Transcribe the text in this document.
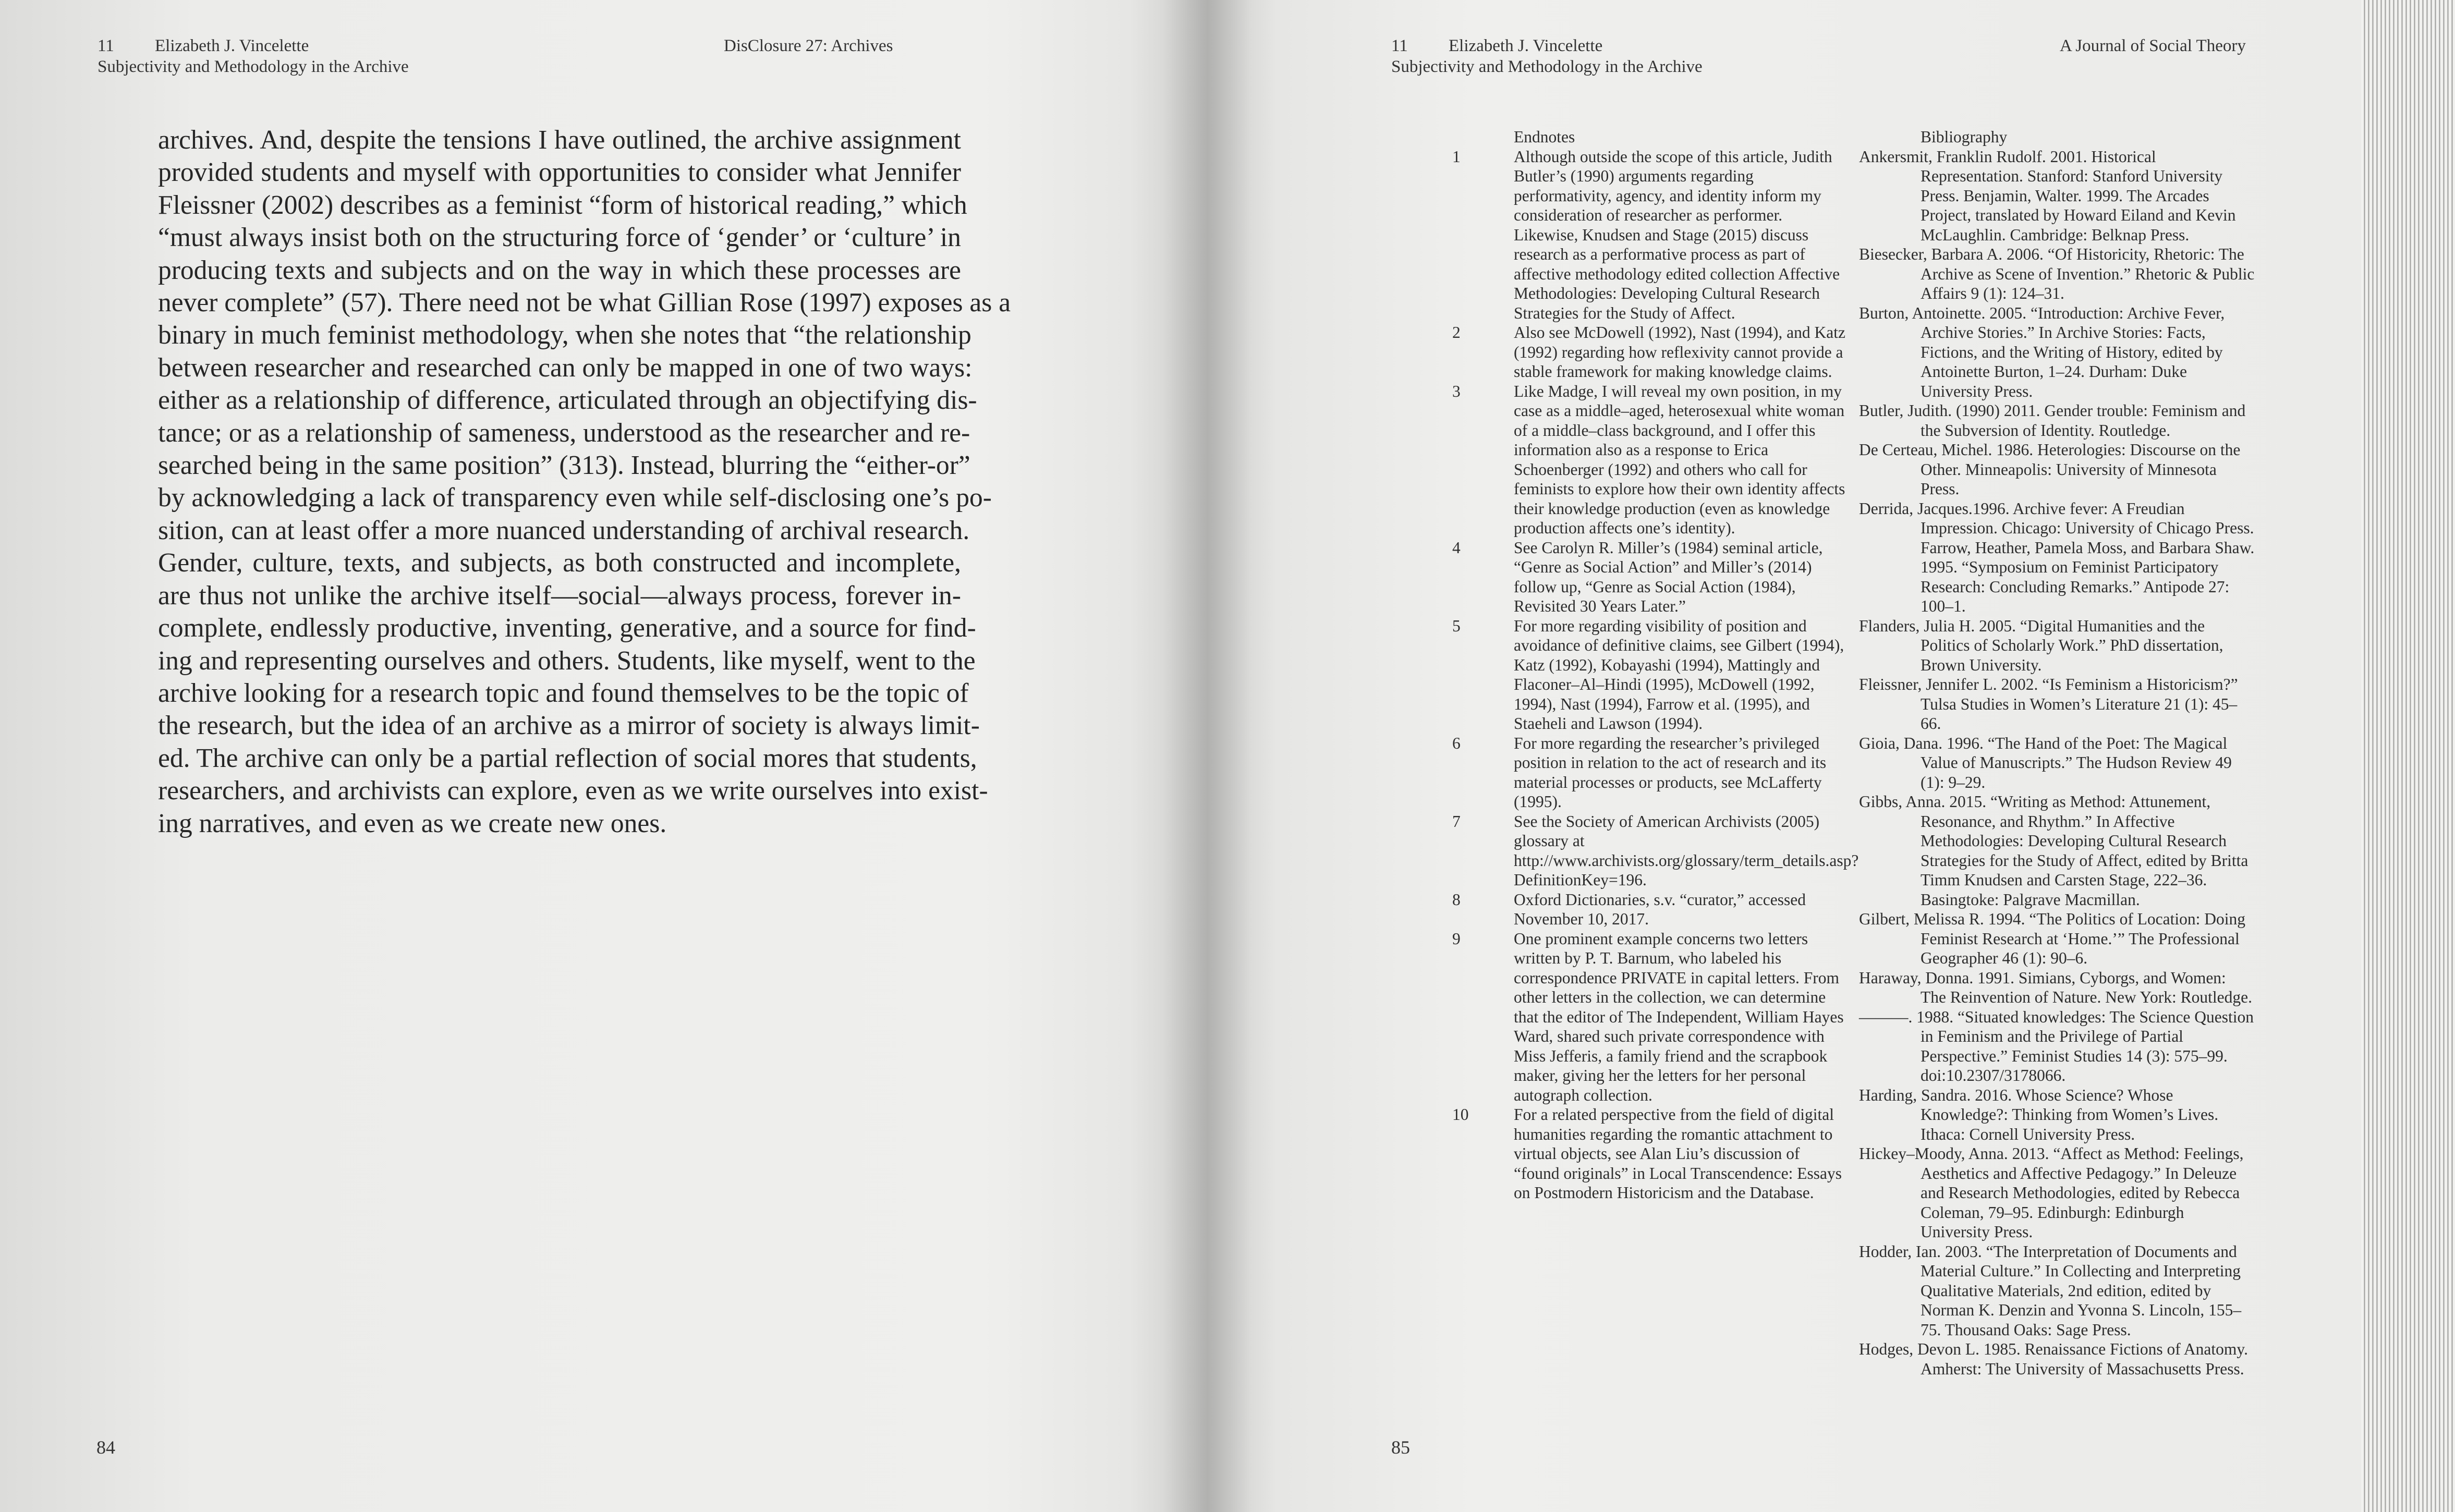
11 Elizabeth J. Vincelette
Subjectivity and Methodology in the Archive
DisClosure 27: Archives
archives. And, despite the tensions I have outlined, the archive assignment
provided students and myself with opportunities to consider what Jennifer
Fleissner (2002) describes as a feminist “form of historical reading,” which
“must always insist both on the structuring force of ‘gender’ or ‘culture’ in
producing texts and subjects and on the way in which these processes are
never complete” (57). There need not be what Gillian Rose (1997) exposes as a
binary in much feminist methodology, when she notes that “the relationship
between researcher and researched can only be mapped in one of two ways:
either as a relationship of difference, articulated through an objectifying dis-
tance; or as a relationship of sameness, understood as the researcher and re-
searched being in the same position” (313). Instead, blurring the “either-or”
by acknowledging a lack of transparency even while self-disclosing one’s po-
sition, can at least offer a more nuanced understanding of archival research.
Gender, culture, texts, and subjects, as both constructed and incomplete,
are thus not unlike the archive itself—social—always process, forever in-
complete, endlessly productive, inventing, generative, and a source for find-
ing and representing ourselves and others. Students, like myself, went to the
archive looking for a research topic and found themselves to be the topic of
the research, but the idea of an archive as a mirror of society is always limit-
ed. The archive can only be a partial reflection of social mores that students,
researchers, and archivists can explore, even as we write ourselves into exist-
ing narratives, and even as we create new ones.
84
11 Elizabeth J. Vincelette
Subjectivity and Methodology in the Archive
A Journal of Social Theory
85
Endnotes
1	Although outside the scope of this article, Judith Butler’s (1990) arguments regarding performativity, agency, and identity inform my consideration of researcher as performer. Likewise, Knudsen and Stage (2015) discuss research as a performative process as part of affective methodology edited collection Affective Methodologies: Developing Cultural Research Strategies for the Study of Affect.
2	Also see McDowell (1992), Nast (1994), and Katz (1992) regarding how reflexivity cannot provide a stable framework for making knowledge claims.
3	Like Madge, I will reveal my own position, in my case as a middle–aged, heterosexual white woman of a middle–class background, and I offer this information also as a response to Erica Schoenberger (1992) and others who call for feminists to explore how their own identity affects their knowledge production (even as knowledge production affects one’s identity).
4	See Carolyn R. Miller’s (1984) seminal article, “Genre as Social Action” and Miller’s (2014) follow up, “Genre as Social Action (1984), Revisited 30 Years Later.”
5	For more regarding visibility of position and avoidance of definitive claims, see Gilbert (1994), Katz (1992), Kobayashi (1994), Mattingly and Flaconer–Al–Hindi (1995), McDowell (1992, 1994), Nast (1994), Farrow et al. (1995), and Staeheli and Lawson (1994).
6	For more regarding the researcher’s privileged position in relation to the act of research and its material processes or products, see McLafferty (1995).
7	See the Society of American Archivists (2005) glossary at http://www.archivists.org/glossary/term_details.asp?DefinitionKey=196.
8	Oxford Dictionaries, s.v. “curator,” accessed November 10, 2017.
9	One prominent example concerns two letters written by P. T. Barnum, who labeled his correspondence PRIVATE in capital letters. From other letters in the collection, we can determine that the editor of The Independent, William Hayes Ward, shared such private correspondence with Miss Jefferis, a family friend and the scrapbook maker, giving her the letters for her personal autograph collection.
10	For a related perspective from the field of digital humanities regarding the romantic attachment to virtual objects, see Alan Liu’s discussion of “found originals” in Local Transcendence: Essays on Postmodern Historicism and the Database.
Bibliography
Ankersmit, Franklin Rudolf. 2001. Historical Representation. Stanford: Stanford University Press. Benjamin, Walter. 1999. The Arcades Project, translated by Howard Eiland and Kevin McLaughlin. Cambridge: Belknap Press.
Biesecker, Barbara A. 2006. “Of Historicity, Rhetoric: The Archive as Scene of Invention.” Rhetoric & Public Affairs 9 (1): 124–31.
Burton, Antoinette. 2005. “Introduction: Archive Fever, Archive Stories.” In Archive Stories: Facts, Fictions, and the Writing of History, edited by Antoinette Burton, 1–24. Durham: Duke University Press.
Butler, Judith. (1990) 2011. Gender trouble: Feminism and the Subversion of Identity. Routledge.
De Certeau, Michel. 1986. Heterologies: Discourse on the Other. Minneapolis: University of Minnesota Press.
Derrida, Jacques.1996. Archive fever: A Freudian Impression. Chicago: University of Chicago Press. Farrow, Heather, Pamela Moss, and Barbara Shaw. 1995. “Symposium on Feminist Participatory Research: Concluding Remarks.” Antipode 27: 100–1.
Flanders, Julia H. 2005. “Digital Humanities and the Politics of Scholarly Work.” PhD dissertation, Brown University.
Fleissner, Jennifer L. 2002. “Is Feminism a Historicism?” Tulsa Studies in Women’s Literature 21 (1): 45–66.
Gioia, Dana. 1996. “The Hand of the Poet: The Magical Value of Manuscripts.” The Hudson Review 49 (1): 9–29.
Gibbs, Anna. 2015. “Writing as Method: Attunement, Resonance, and Rhythm.” In Affective Methodologies: Developing Cultural Research Strategies for the Study of Affect, edited by Britta Timm Knudsen and Carsten Stage, 222–36. Basingtoke: Palgrave Macmillan.
Gilbert, Melissa R. 1994. “The Politics of Location: Doing Feminist Research at ‘Home.’” The Professional Geographer 46 (1): 90–6.
Haraway, Donna. 1991. Simians, Cyborgs, and Women: The Reinvention of Nature. New York: Routledge.
———. 1988. “Situated knowledges: The Science Question in Feminism and the Privilege of Partial Perspective.” Feminist Studies 14 (3): 575–99. doi:10.2307/3178066.
Harding, Sandra. 2016. Whose Science? Whose Knowledge?: Thinking from Women’s Lives. Ithaca: Cornell University Press.
Hickey–Moody, Anna. 2013. “Affect as Method: Feelings, Aesthetics and Affective Pedagogy.” In Deleuze and Research Methodologies, edited by Rebecca Coleman, 79–95. Edinburgh: Edinburgh University Press.
Hodder, Ian. 2003. “The Interpretation of Documents and Material Culture.” In Collecting and Interpreting Qualitative Materials, 2nd edition, edited by Norman K. Denzin and Yvonna S. Lincoln, 155–75. Thousand Oaks: Sage Press.
Hodges, Devon L. 1985. Renaissance Fictions of Anatomy. Amherst: The University of Massachusetts Press.
